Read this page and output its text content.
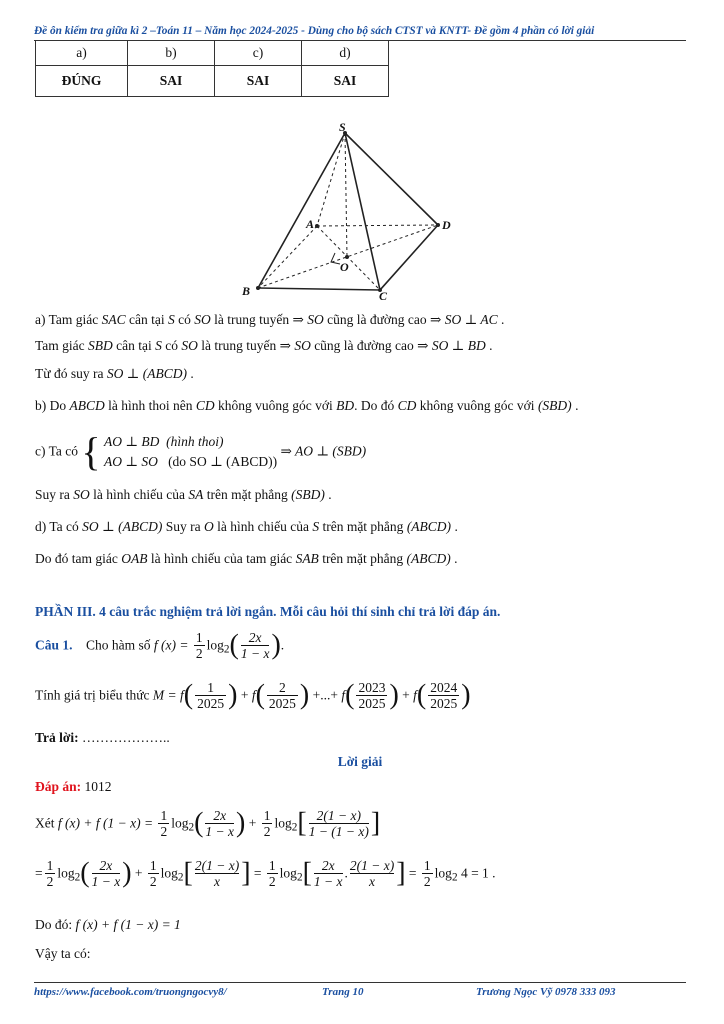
Đề ôn kiểm tra giữa kì 2 –Toán 11 – Năm học 2024-2025 - Dùng cho bộ sách CTST và KNTT- Đề gồm 4 phần có lời giải
a)	b)	c)	d)
ĐÚNG	SAI	SAI	SAI
S
A	D
B	C
O
a) Tam giác SAC cân tại S có SO là trung tuyến ⇒ SO cũng là đường cao ⇒ SO ⊥ AC .
Tam giác SBD cân tại S có SO là trung tuyến ⇒ SO cũng là đường cao ⇒ SO ⊥ BD .
Từ đó suy ra SO ⊥ (ABCD) .
b) Do ABCD là hình thoi nên CD không vuông góc với BD. Do đó CD không vuông góc với (SBD) .
c) Ta có { AO ⊥ BD (hình thoi)
AO ⊥ SO (do SO ⊥ (ABCD))
⇒ AO ⊥ (SBD)
Suy ra SO là hình chiếu của SA trên mặt phẳng (SBD) .
d) Ta có SO ⊥ (ABCD) Suy ra O là hình chiếu của S trên mặt phẳng (ABCD) .
Do đó tam giác OAB là hình chiếu của tam giác SAB trên mặt phẳng (ABCD) .
PHẦN III. 4 câu trắc nghiệm trả lời ngắn. Mỗi câu hỏi thí sinh chỉ trả lời đáp án.
Câu 1. Cho hàm số f $(x) = \frac{1}{2} \log_2( \frac{2x}{1 - x}$ ).
Tính giá trị biểu thức $M = f( \frac{1}{2025}$ ) + $f( \frac{2}{2025}$ ) +...+ $f( \frac{2023}{2025}$ ) + $f( \frac{2024}{2025}$ )
Trả lời: ………………..
Lời giải
Đáp án: 1012
Xét f (x) + f $(1 - x) = \frac{1}{2} \log_2( \frac{2x}{1 - x}$ ) + $\frac{1}{2} \log_2[ \frac{2(1 - x)}{1 - (1 - x)}$ ]
= $\frac{1}{2} \log_2( \frac{2x}{1 - x}$ ) + $\frac{1}{2} \log_2[ \frac{2(1 - x)}{x}$ ] = $\frac{1}{2} \log_2[ \frac{2x}{1 - x}$ . $\frac{2(1 - x)}{x}$ ] = $\frac{1}{2} \log_2 4 = 1$ .
Do đó: f (x) + f (1 − x) = 1
Vậy ta có:
https://www.facebook.com/truongngocvy8/	Trang 10	Trương Ngọc Vỹ 0978 333 093
